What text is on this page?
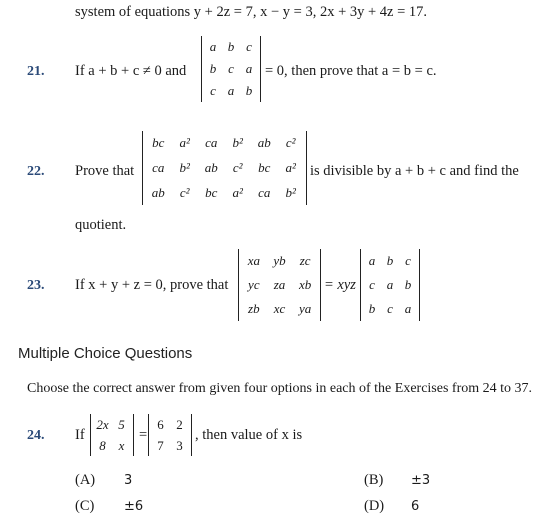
system of equations y + 2z = 7, x − y = 3, 2x + 3y + 4z = 17.
21. If a + b + c ≠ 0 and
a b c
b c a
c a b
= 0, then prove that a = b = c.
22. Prove that
bc	a²	ca	b²	ab	c²
ca	b²	ab	c²	bc	a²
ab	c²	bc	a²	ca	b²
is divisible by a + b + c and find the
quotient.
23. If x + y + z = 0, prove that
xa	yb	zc
yc	za	xb
zb	xc	ya
= xyz
a b c
c a b
b c a
Multiple Choice Questions
Choose the correct answer from given four options in each of the Exercises from 24 to 37.
24. If
2x 5
8 x
=
6 2
7 3
, then value of x is
(A) 3	(B) ±3
(C) ±6	(D) 6
